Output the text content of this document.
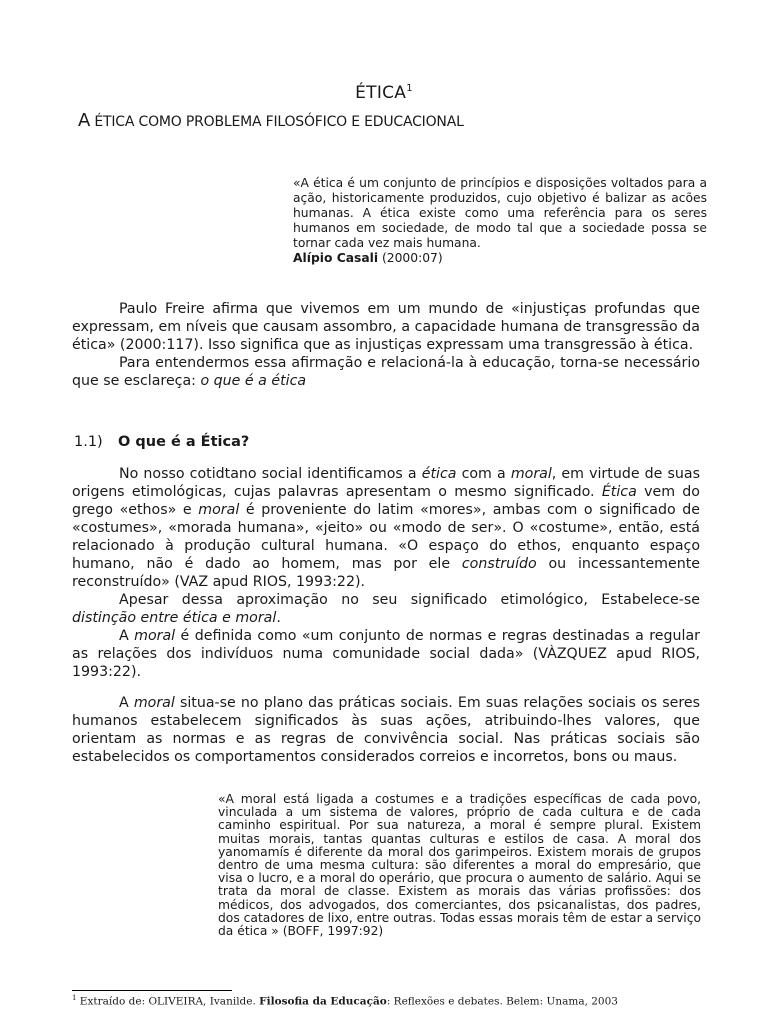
ÉTICA$^1$
A ÉTICA COMO PROBLEMA FILOSÓFICO E EDUCACIONAL
«A ética é um conjunto de princípios e disposições voltados para a ação, historicamente produzidos, cujo objetivo é balizar as acões humanas. A ética existe como uma referência para os seres humanos em sociedade, de modo tal que a sociedade possa se tornar cada vez mais humana.
Alípio Casali (2000:07)

Paulo Freire afirma que vivemos em um mundo de «injustiças profundas que expressam, em níveis que causam assombro, a capacidade humana de transgressão da ética» (2000:117). Isso significa que as injustiças expressam uma transgressão à ética.

Para entendermos essa afirmação e relacioná-la à educação, torna-se necessário que se esclareça: o que é a ética

1.1) O que é a Ética?

No nosso cotidtano social identificamos a ética com a moral, em virtude de suas origens etimológicas, cujas palavras apresentam o mesmo significado. Ética vem do grego «ethos» e moral é proveniente do latim «mores», ambas com o significado de «costumes», «morada humana», «jeito» ou «modo de ser». O «costume», então, está relacionado à produção cultural humana. «O espaço do ethos, enquanto espaço humano, não é dado ao homem, mas por ele construído ou incessantemente reconstruído» (VAZ apud RIOS, 1993:22).

Apesar dessa aproximação no seu significado etimológico, Estabelece-se distinção entre ética e moral.

A moral é definida como «um conjunto de normas e regras destinadas a regular as relações dos indivíduos numa comunidade social dada» (VÀZQUEZ apud RIOS, 1993:22).

A moral situa-se no plano das práticas sociais. Em suas relações sociais os seres humanos estabelecem significados às suas ações, atribuindo-lhes valores, que orientam as normas e as regras de convivência social. Nas práticas sociais são estabelecidos os comportamentos considerados correios e incorretos, bons ou maus.

«A moral está ligada a costumes e a tradições específicas de cada povo, vinculada a um sistema de valores, próprio de cada cultura e de cada caminho espiritual. Por sua natureza, a moral é sempre plural. Existem muitas morais, tantas quantas culturas e estilos de casa. A moral dos yanomamís é diferente da moral dos garimpeiros. Existem morais de grupos dentro de uma mesma cultura: são diferentes a moral do empresário, que visa o lucro, e a moral do operário, que procura o aumento de salário. Aqui se trata da moral de classe. Existem as morais das várias profissões: dos médicos, dos advogados, dos comerciantes, dos psicanalistas, dos padres, dos catadores de lixo, entre outras. Todas essas morais têm de estar a serviço da ética » (BOFF, 1997:92)
$^1$ Extraído de: OLIVEIRA, Ivanilde. Filosofia da Educação: Reflexões e debates. Belem: Unama, 2003
